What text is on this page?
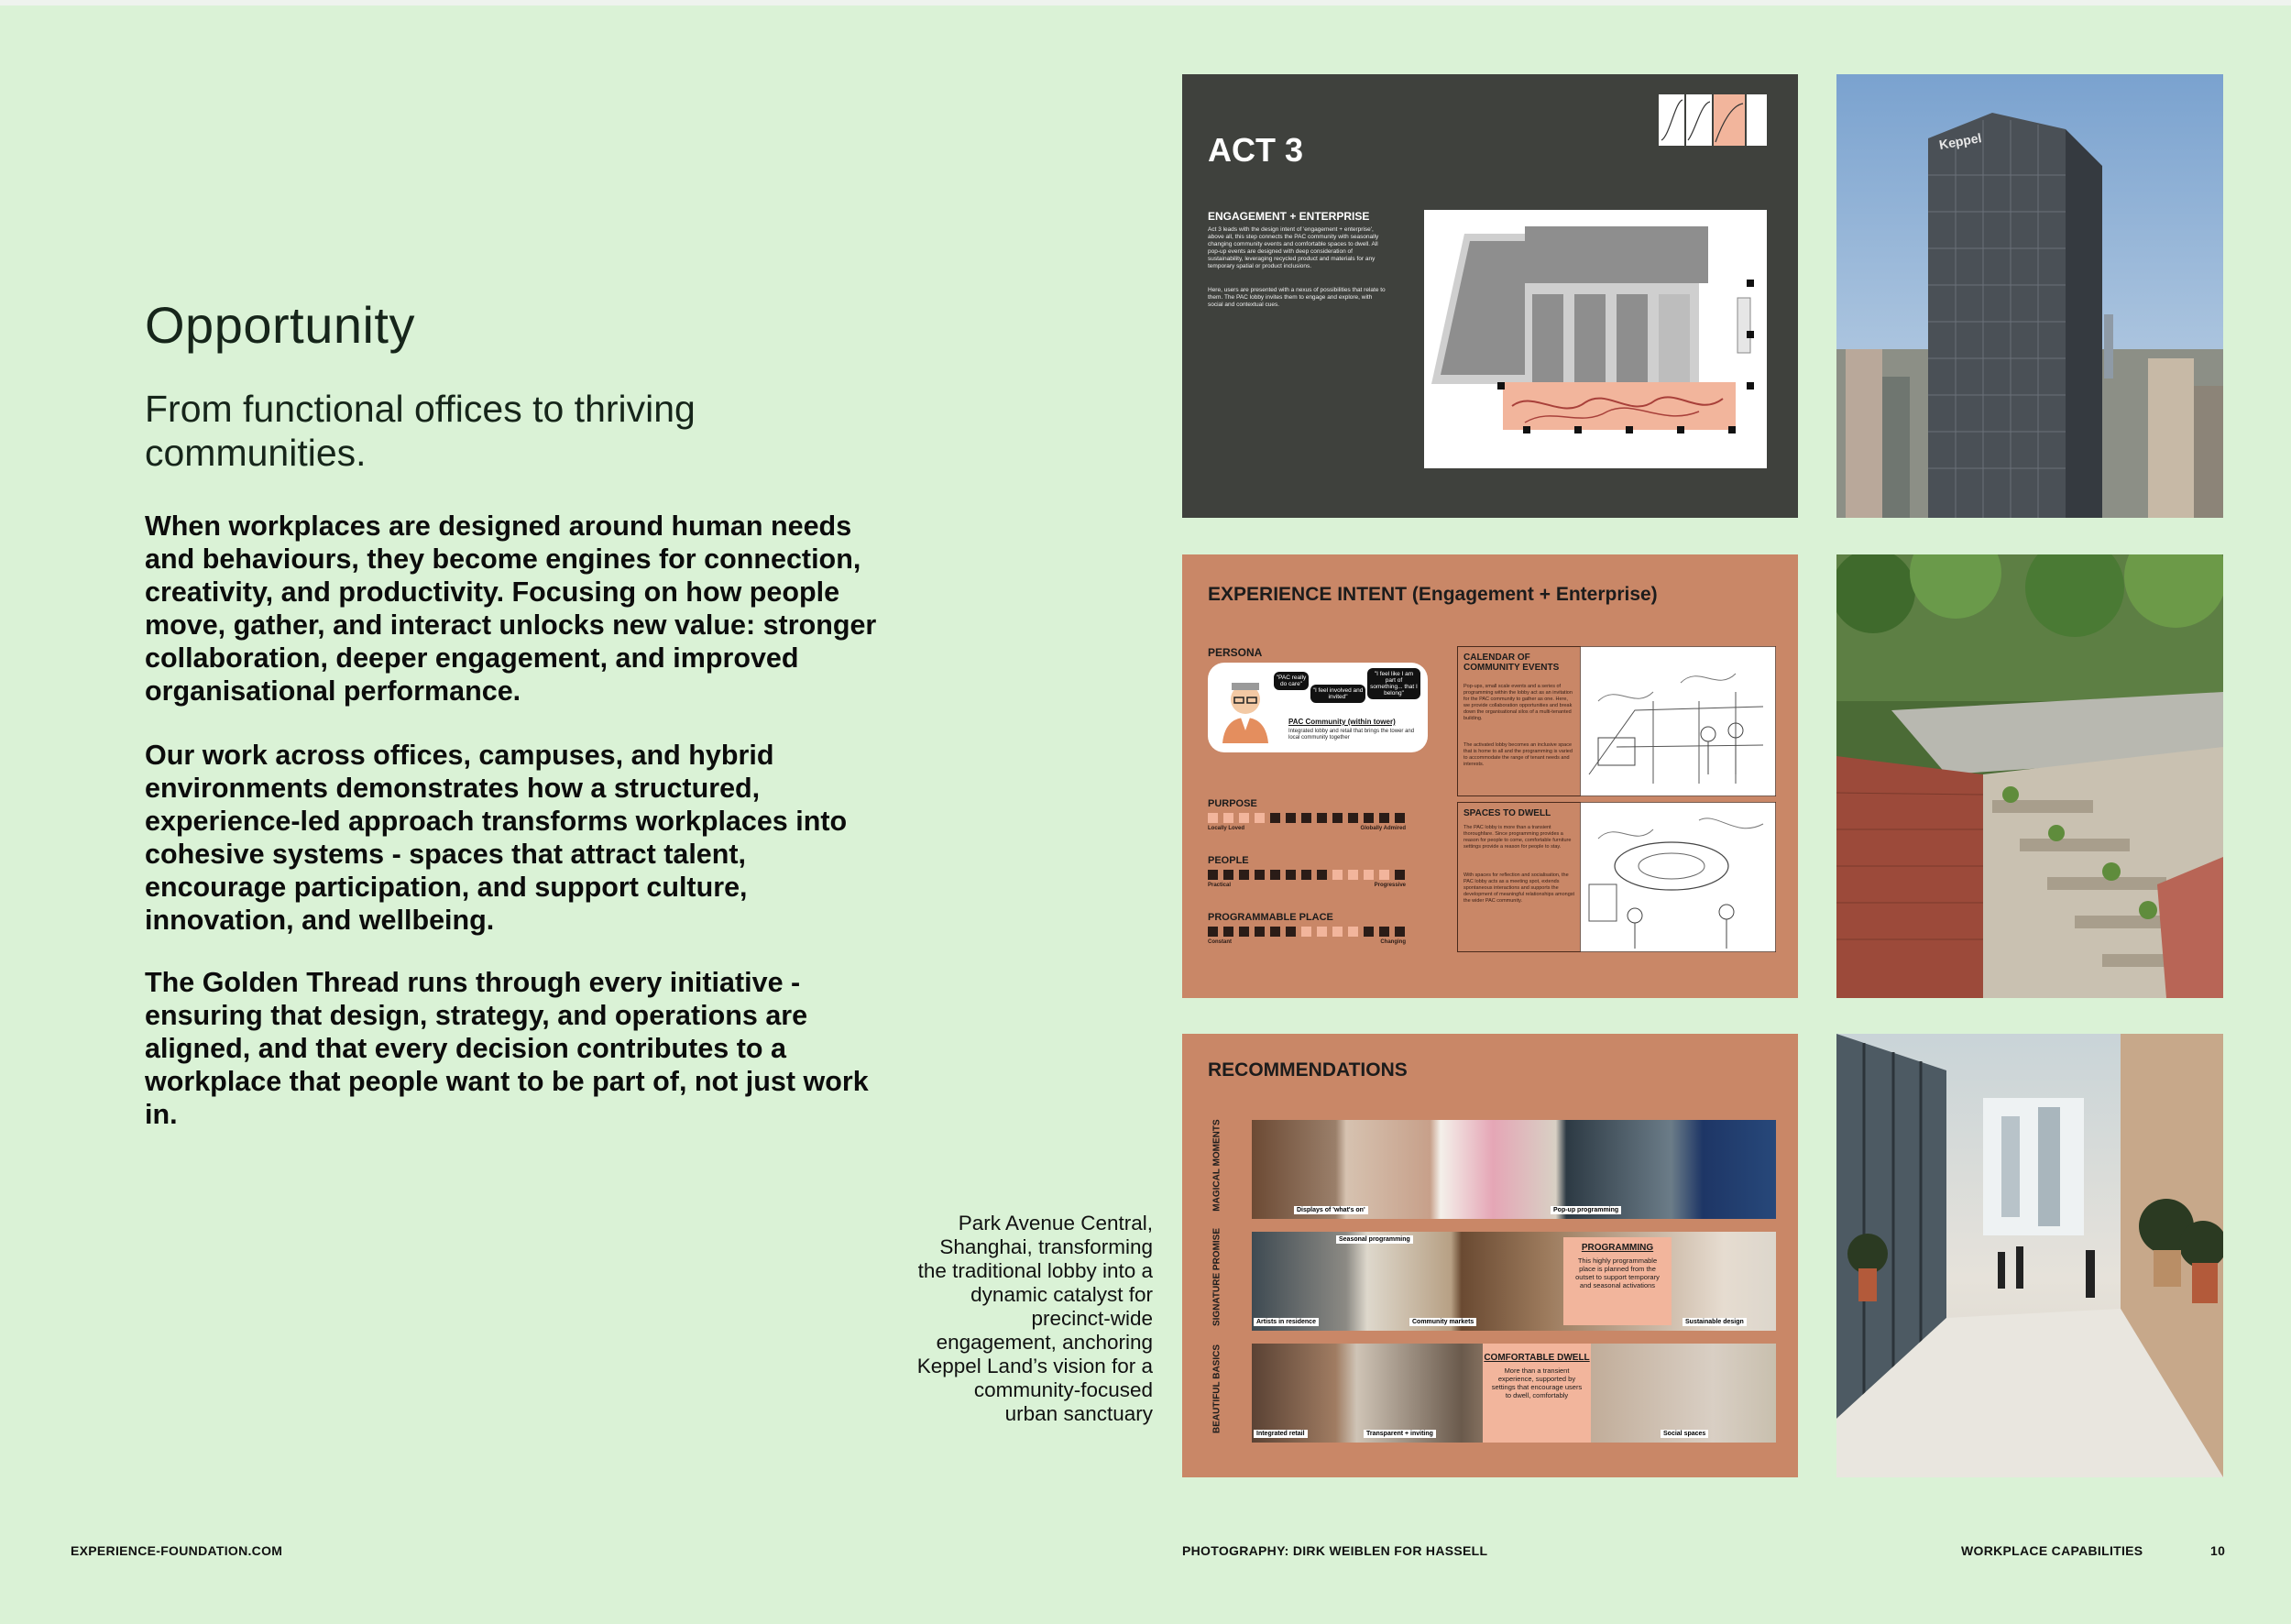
Opportunity
From functional offices to thriving communities.

When workplaces are designed around human needs and behaviours, they become engines for connection, creativity, and productivity. Focusing on how people move, gather, and interact unlocks new value: stronger collaboration, deeper engagement, and improved organisational performance.

Our work across offices, campuses, and hybrid environments demonstrates how a structured, experience-led approach transforms workplaces into cohesive systems - spaces that attract talent, encourage participation, and support culture, innovation, and wellbeing.

The Golden Thread runs through every initiative - ensuring that design, strategy, and operations are aligned, and that every decision contributes to a workplace that people want to be part of, not just work in.

Park Avenue Central, Shanghai, transforming the traditional lobby into a dynamic catalyst for precinct-wide engagement, anchoring Keppel Land’s vision for a community-focused urban sanctuary

ACT 3
ENGAGEMENT + ENTERPRISE
Act 3 leads with the design intent of 'engagement + enterprise', above all, this step connects the PAC community with seasonally changing community events and comfortable spaces to dwell. All pop-up events are designed with deep consideration of sustainability, leveraging recycled product and materials for any temporary spatial or product inclusions.
Here, users are presented with a nexus of possibilities that relate to them. The PAC lobby invites them to engage and explore, with social and contextual cues.
Keppel
EXPERIENCE INTENT (Engagement + Enterprise)
PERSONA
"PAC really do care"
"I feel involved and invited"
"I feel like I am part of something... that I belong"
PAC Community (within tower)
Integrated lobby and retail that brings the tower and local community together
PURPOSE
Locally Loved	Globally Admired
PEOPLE
Practical	Progressive
PROGRAMMABLE PLACE
Constant	Changing
CALENDAR OF COMMUNITY EVENTS
Pop-ups, small scale events and a series of programming within the lobby act as an invitation for the PAC community to gather as one. Here, we provide collaboration opportunities and break down the organisational silos of a multi-tenanted building.
The activated lobby becomes an inclusive space that is home to all and the programming is varied to accommodate the range of tenant needs and interests.
SPACES TO DWELL
The PAC lobby is more than a transient thoroughfare. Since programming provides a reason for people to come, comfortable furniture settings provide a reason for people to stay.
With spaces for reflection and socialisation, the PAC lobby acts as a meeting spot, extends spontaneous interactions and supports the development of meaningful relationships amongst the wider PAC community.
RECOMMENDATIONS
MAGICAL MOMENTS	Displays of 'what's on'	Pop-up programming
SIGNATURE PROMISE	Seasonal programming
Artists in residence	Community markets	Sustainable design
PROGRAMMING
This highly programmable place is planned from the outset to support temporary and seasonal activations
BEAUTIFUL BASICS
Integrated retail	Transparent + inviting	Social spaces
COMFORTABLE DWELL
More than a transient experience, supported by settings that encourage users to dwell, comfortably
EXPERIENCE-FOUNDATION.COM	PHOTOGRAPHY: DIRK WEIBLEN FOR HASSELL	WORKPLACE CAPABILITIES	10
